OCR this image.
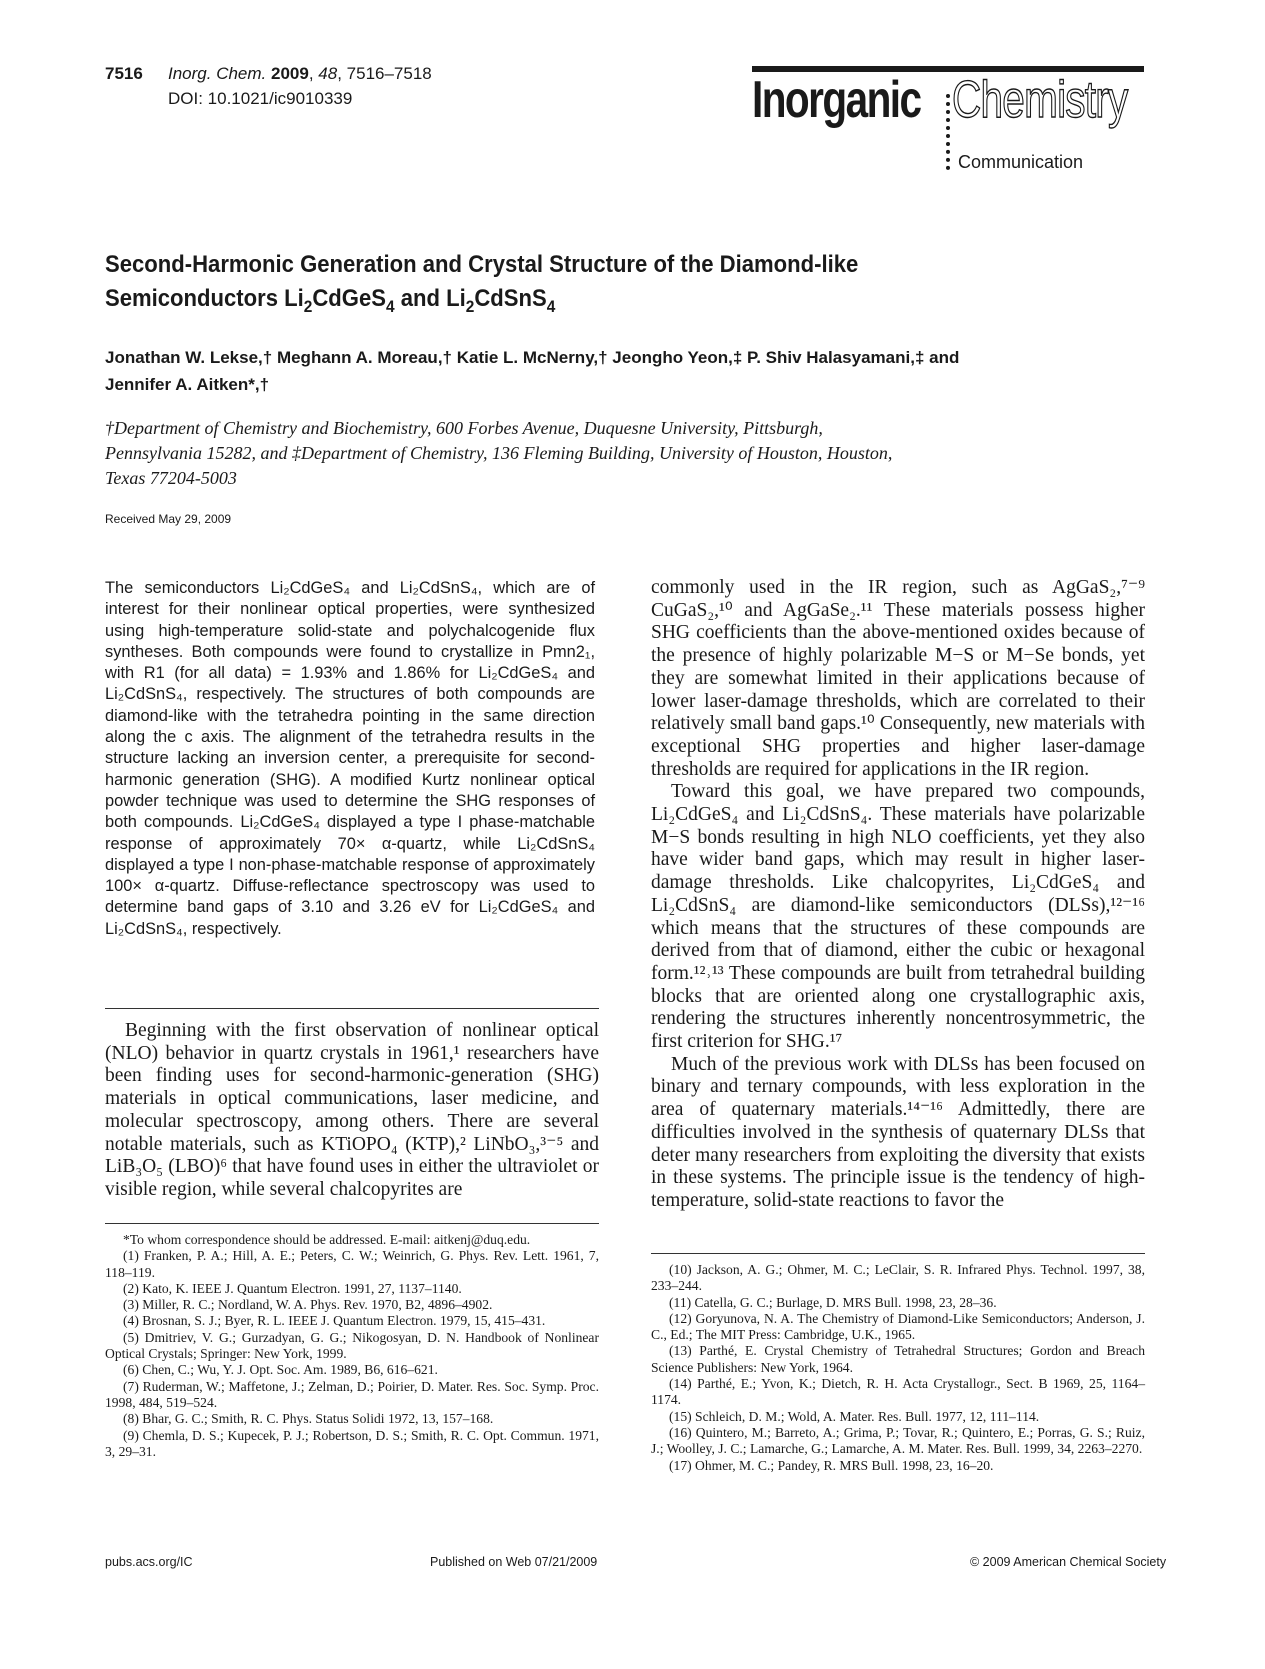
7516 Inorg. Chem. 2009, 48, 7516–7518
DOI: 10.1021/ic9010339	Inorganic Chemistry
Communication
Second-Harmonic Generation and Crystal Structure of the Diamond-like
Semiconductors $Li_2CdGeS_4$ and $Li_2CdSnS_4$
Jonathan W. Lekse,† Meghann A. Moreau,† Katie L. McNerny,† Jeongho Yeon,‡ P. Shiv Halasyamani,‡ and
Jennifer A. Aitken*,†
†Department of Chemistry and Biochemistry, 600 Forbes Avenue, Duquesne University, Pittsburgh,
Pennsylvania 15282, and ‡Department of Chemistry, 136 Fleming Building, University of Houston, Houston,
Texas 77204-5003
Received May 29, 2009
The semiconductors Li₂CdGeS₄ and Li₂CdSnS₄, which are of interest for their nonlinear optical properties, were synthesized using high-temperature solid-state and polychalcogenide flux syntheses. Both compounds were found to crystallize in Pmn2₁, with R1 (for all data) = 1.93% and 1.86% for Li₂CdGeS₄ and Li₂CdSnS₄, respectively. The structures of both compounds are diamond-like with the tetrahedra pointing in the same direction along the c axis. The alignment of the tetrahedra results in the structure lacking an inversion center, a prerequisite for second-harmonic generation (SHG). A modified Kurtz nonlinear optical powder technique was used to determine the SHG responses of both compounds. Li₂CdGeS₄ displayed a type I phase-matchable response of approximately 70× α-quartz, while Li₂CdSnS₄ displayed a type I non-phase-matchable response of approximately 100× α-quartz. Diffuse-reflectance spectroscopy was used to determine band gaps of 3.10 and 3.26 eV for Li₂CdGeS₄ and Li₂CdSnS₄, respectively.

Beginning with the first observation of nonlinear optical (NLO) behavior in quartz crystals in 1961,¹ researchers have been finding uses for second-harmonic-generation (SHG) materials in optical communications, laser medicine, and molecular spectroscopy, among others. There are several notable materials, such as KTiOPO₄ (KTP),² LiNbO₃,³⁻⁵ and LiB₃O₅ (LBO)⁶ that have found uses in either the ultraviolet or visible region, while several chalcopyrites are

commonly used in the IR region, such as AgGaS₂,⁷⁻⁹ CuGaS₂,¹⁰ and AgGaSe₂.¹¹ These materials possess higher SHG coefficients than the above-mentioned oxides because of the presence of highly polarizable M−S or M−Se bonds, yet they are somewhat limited in their applications because of lower laser-damage thresholds, which are correlated to their relatively small band gaps.¹⁰ Consequently, new materials with exceptional SHG properties and higher laser-damage thresholds are required for applications in the IR region.

Toward this goal, we have prepared two compounds, Li₂CdGeS₄ and Li₂CdSnS₄. These materials have polarizable M−S bonds resulting in high NLO coefficients, yet they also have wider band gaps, which may result in higher laser-damage thresholds. Like chalcopyrites, Li₂CdGeS₄ and Li₂CdSnS₄ are diamond-like semiconductors (DLSs),¹²⁻¹⁶ which means that the structures of these compounds are derived from that of diamond, either the cubic or hexagonal form.¹²˒¹³ These compounds are built from tetrahedral building blocks that are oriented along one crystallographic axis, rendering the structures inherently noncentrosymmetric, the first criterion for SHG.¹⁷

Much of the previous work with DLSs has been focused on binary and ternary compounds, with less exploration in the area of quaternary materials.¹⁴⁻¹⁶ Admittedly, there are difficulties involved in the synthesis of quaternary DLSs that deter many researchers from exploiting the diversity that exists in these systems. The principle issue is the tendency of high-temperature, solid-state reactions to favor the

*To whom correspondence should be addressed. E-mail: aitkenj@duq.edu.
(1) Franken, P. A.; Hill, A. E.; Peters, C. W.; Weinrich, G. Phys. Rev. Lett. 1961, 7, 118–119.
(2) Kato, K. IEEE J. Quantum Electron. 1991, 27, 1137–1140.
(3) Miller, R. C.; Nordland, W. A. Phys. Rev. 1970, B2, 4896–4902.
(4) Brosnan, S. J.; Byer, R. L. IEEE J. Quantum Electron. 1979, 15, 415–431.
(5) Dmitriev, V. G.; Gurzadyan, G. G.; Nikogosyan, D. N. Handbook of Nonlinear Optical Crystals; Springer: New York, 1999.
(6) Chen, C.; Wu, Y. J. Opt. Soc. Am. 1989, B6, 616–621.
(7) Ruderman, W.; Maffetone, J.; Zelman, D.; Poirier, D. Mater. Res. Soc. Symp. Proc. 1998, 484, 519–524.
(8) Bhar, G. C.; Smith, R. C. Phys. Status Solidi 1972, 13, 157–168.
(9) Chemla, D. S.; Kupecek, P. J.; Robertson, D. S.; Smith, R. C. Opt. Commun. 1971, 3, 29–31.
(10) Jackson, A. G.; Ohmer, M. C.; LeClair, S. R. Infrared Phys. Technol. 1997, 38, 233–244.
(11) Catella, G. C.; Burlage, D. MRS Bull. 1998, 23, 28–36.
(12) Goryunova, N. A. The Chemistry of Diamond-Like Semiconductors; Anderson, J. C., Ed.; The MIT Press: Cambridge, U.K., 1965.
(13) Parthé, E. Crystal Chemistry of Tetrahedral Structures; Gordon and Breach Science Publishers: New York, 1964.
(14) Parthé, E.; Yvon, K.; Dietch, R. H. Acta Crystallogr., Sect. B 1969, 25, 1164–1174.
(15) Schleich, D. M.; Wold, A. Mater. Res. Bull. 1977, 12, 111–114.
(16) Quintero, M.; Barreto, A.; Grima, P.; Tovar, R.; Quintero, E.; Porras, G. S.; Ruiz, J.; Woolley, J. C.; Lamarche, G.; Lamarche, A. M. Mater. Res. Bull. 1999, 34, 2263–2270.
(17) Ohmer, M. C.; Pandey, R. MRS Bull. 1998, 23, 16–20.
pubs.acs.org/IC	Published on Web 07/21/2009	© 2009 American Chemical Society
